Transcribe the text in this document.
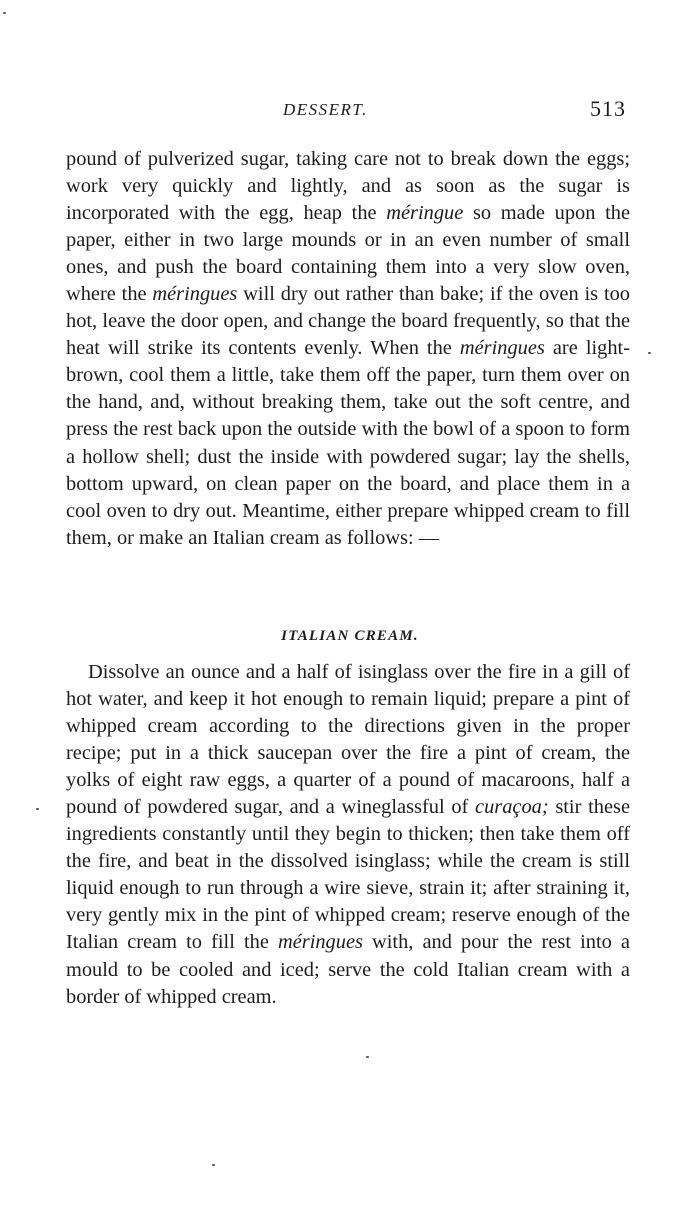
DESSERT.	513

pound of pulverized sugar, taking care not to break down the eggs; work very quickly and lightly, and as soon as the sugar is incorporated with the egg, heap the méringue so made upon the paper, either in two large mounds or in an even number of small ones, and push the board containing them into a very slow oven, where the méringues will dry out rather than bake; if the oven is too hot, leave the door open, and change the board frequently, so that the heat will strike its contents evenly. When the méringues are light-brown, cool them a little, take them off the paper, turn them over on the hand, and, without breaking them, take out the soft centre, and press the rest back upon the outside with the bowl of a spoon to form a hollow shell; dust the inside with powdered sugar; lay the shells, bottom upward, on clean paper on the board, and place them in a cool oven to dry out. Meantime, either prepare whipped cream to fill them, or make an Italian cream as follows: —

ITALIAN CREAM.

Dissolve an ounce and a half of isinglass over the fire in a gill of hot water, and keep it hot enough to remain liquid; prepare a pint of whipped cream according to the directions given in the proper recipe; put in a thick saucepan over the fire a pint of cream, the yolks of eight raw eggs, a quarter of a pound of macaroons, half a pound of powdered sugar, and a wineglassful of curaçoa; stir these ingredients constantly until they begin to thicken; then take them off the fire, and beat in the dissolved isinglass; while the cream is still liquid enough to run through a wire sieve, strain it; after straining it, very gently mix in the pint of whipped cream; reserve enough of the Italian cream to fill the méringues with, and pour the rest into a mould to be cooled and iced; serve the cold Italian cream with a border of whipped cream.
